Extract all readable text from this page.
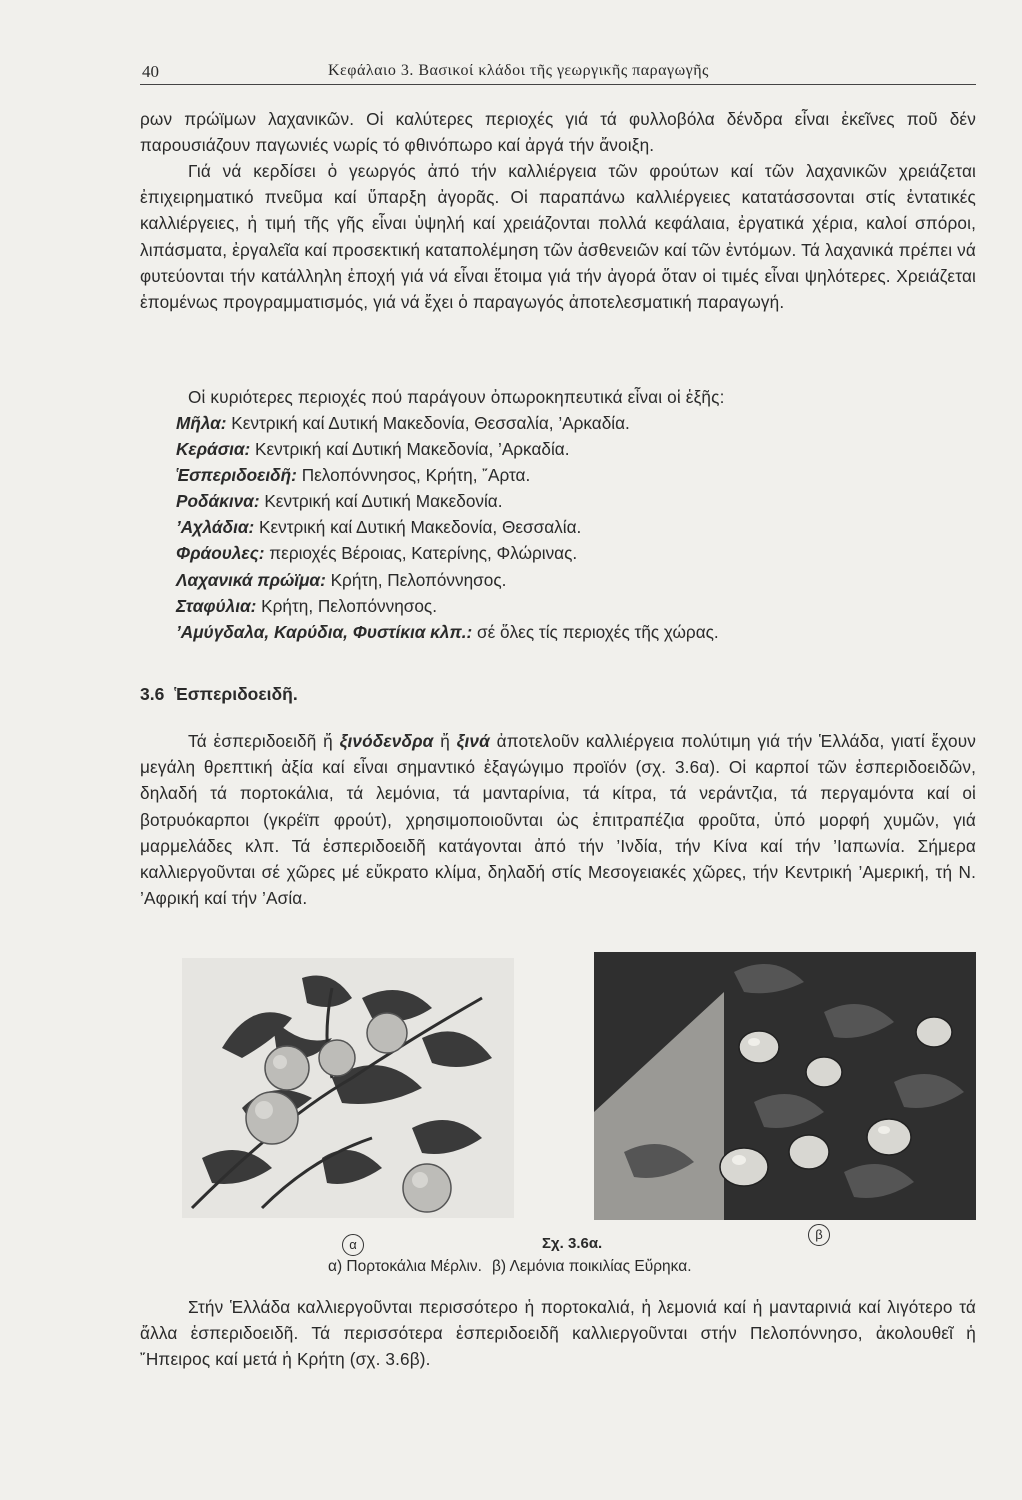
40	Κεφάλαιο 3. Βασικοί κλάδοι τῆς γεωργικῆς παραγωγῆς

ρων πρώϊμων λαχανικῶν. Οἱ καλύτερες περιοχές γιά τά φυλλοβόλα δένδρα εἶναι ἐκεῖνες ποῦ δέν παρουσιάζουν παγωνιές νωρίς τό φθινόπωρο καί ἀργά τήν ἄνοιξη.

Γιά νά κερδίσει ὁ γεωργός ἀπό τήν καλλιέργεια τῶν φρούτων καί τῶν λαχανικῶν χρειάζεται ἐπιχειρηματικό πνεῦμα καί ὕπαρξη ἀγορᾶς. Οἱ παραπάνω καλλιέργειες κατατάσσονται στίς ἐντατικές καλλιέργειες, ἡ τιμή τῆς γῆς εἶναι ὑψηλή καί χρειάζονται πολλά κεφάλαια, ἐργατικά χέρια, καλοί σπόροι, λιπάσματα, ἐργαλεῖα καί προσεκτική καταπολέμηση τῶν ἀσθενειῶν καί τῶν ἐντόμων. Τά λαχανικά πρέπει νά φυτεύονται τήν κατάλληλη ἐποχή γιά νά εἶναι ἕτοιμα γιά τήν ἀγορά ὅταν οἱ τιμές εἶναι ψηλότερες. Χρειάζεται ἑπομένως προγραμματισμός, γιά νά ἔχει ὁ παραγωγός ἀποτελεσματική παραγωγή.

Οἱ κυριότερες περιοχές πού παράγουν ὀπωροκηπευτικά εἶναι οἱ ἑξῆς:

Μῆλα: Κεντρική καί Δυτική Μακεδονία, Θεσσαλία, ’Αρκαδία.
Κεράσια: Κεντρική καί Δυτική Μακεδονία, ’Αρκαδία.
Ἑσπεριδοειδῆ: Πελοπόννησος, Κρήτη, ῎Αρτα.
Ροδάκινα: Κεντρική καί Δυτική Μακεδονία.
’Αχλάδια: Κεντρική καί Δυτική Μακεδονία, Θεσσαλία.
Φράουλες: περιοχές Βέροιας, Κατερίνης, Φλώρινας.
Λαχανικά πρώϊμα: Κρήτη, Πελοπόννησος.
Σταφύλια: Κρήτη, Πελοπόννησος.
’Αμύγδαλα, Καρύδια, Φυστίκια κλπ.: σέ ὅλες τίς περιοχές τῆς χώρας.
3.6 Ἑσπεριδοειδῆ.

Τά ἑσπεριδοειδῆ ἤ ξινόδενδρα ἤ ξινά ἀποτελοῦν καλλιέργεια πολύτιμη γιά τήν Ἑλλάδα, γιατί ἔχουν μεγάλη θρεπτική ἀξία καί εἶναι σημαντικό ἐξαγώγιμο προϊόν (σχ. 3.6α). Οἱ καρποί τῶν ἑσπεριδοειδῶν, δηλαδή τά πορτοκάλια, τά λεμόνια, τά μανταρίνια, τά κίτρα, τά νεράντζια, τά περγαμόντα καί οἱ βοτρυόκαρποι (γκρέϊπ φρούτ), χρησιμοποιοῦνται ὡς ἐπιτραπέζια φροῦτα, ὑπό μορφή χυμῶν, γιά μαρμελάδες κλπ. Τά ἑσπεριδοειδῆ κατάγονται ἀπό τήν ’Ινδία, τήν Κίνα καί τήν ’Ιαπωνία. Σήμερα καλλιεργοῦνται σέ χῶρες μέ εὔκρατο κλίμα, δηλαδή στίς Μεσογειακές χῶρες, τήν Κεντρική ’Αμερική, τή Ν. ’Αφρική καί τήν ’Ασία.

α	Σχ. 3.6α.
β
α) Πορτοκάλια Μέρλιν. β) Λεμόνια ποικιλίας Εὔρηκα.

Στήν Ἑλλάδα καλλιεργοῦνται περισσότερο ἡ πορτοκαλιά, ἡ λεμονιά καί ἡ μανταρινιά καί λιγότερο τά ἄλλα ἑσπεριδοειδῆ. Τά περισσότερα ἑσπεριδοειδῆ καλλιεργοῦνται στήν Πελοπόννησο, ἀκολουθεῖ ἡ ῎Ηπειρος καί μετά ἡ Κρήτη (σχ. 3.6β).
